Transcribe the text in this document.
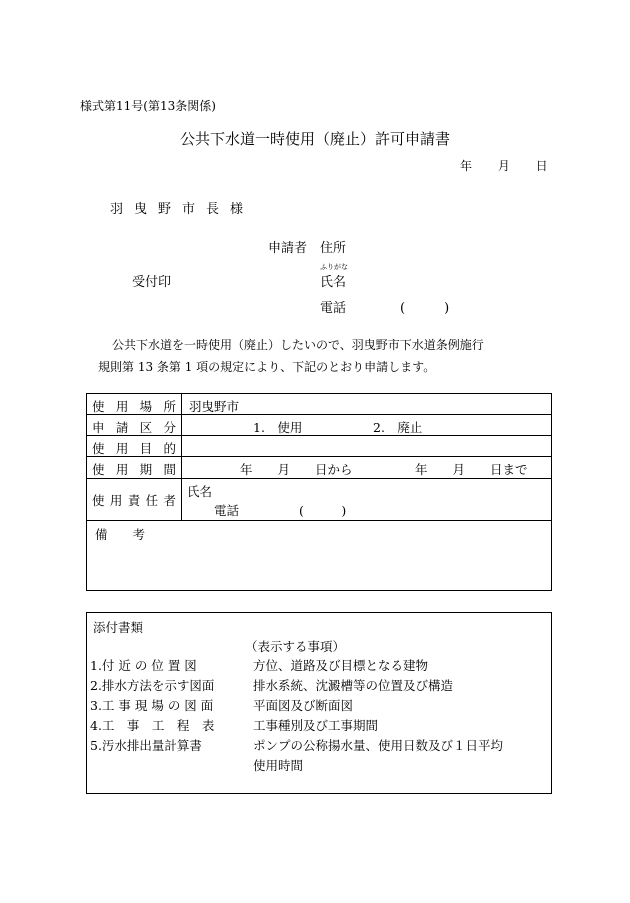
様式第11号(第13条関係)
公共下水道一時使用（廃止）許可申請書
年 月 日
羽曳野市長様
申請者 住所
受付印
ふりがな
氏名
電話	(　　　)

公共下水道を一時使用（廃止）したいので、羽曳野市下水道条例施行

規則第 13 条第 1 項の規定により、下記のとおり申請します。

使用場所 羽曳野市
申請区分	1.　使用	2.　廃止
使用目的
使用期間	年　　月　　日から	年　　月　　日まで
使用責任者
氏名
電話	(　　　)
備　　考
添付書類
（表示する事項）
1.付 近 の 位 置 図	方位、道路及び目標となる建物
2.排水方法を示す図面	排水系統、沈澱槽等の位置及び構造
3.工 事 現 場 の 図 面	平面図及び断面図
4.工　事　工　程　表	工事種別及び工事期間
5.汚水排出量計算書	ポンプの公称揚水量、使用日数及び１日平均
使用時間
